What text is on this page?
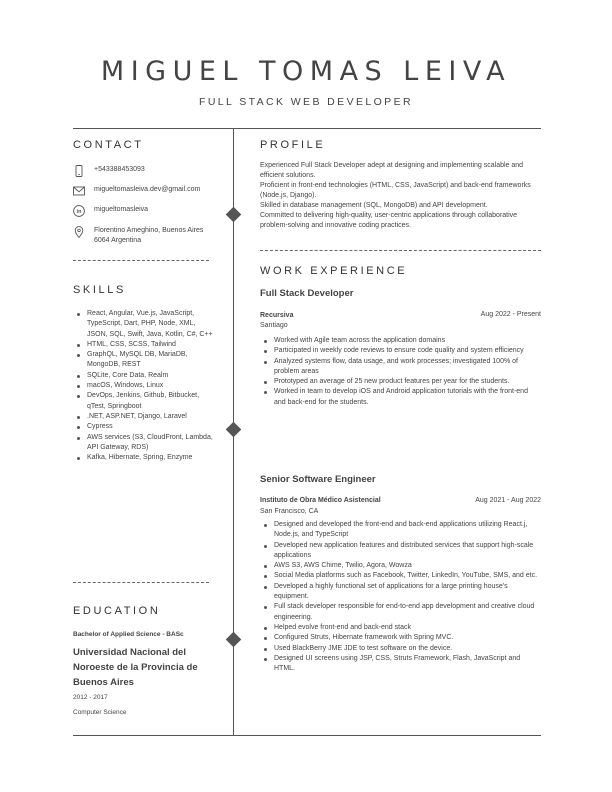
MIGUEL TOMAS LEIVA
FULL STACK WEB DEVELOPER
CONTACT
+543388453093
migueltomasleiva.dev@gmail.com
in migueltomasleiva
Florentino Ameghino, Buenos Aires
6064 Argentina
SKILLS
React, Angular, Vue.js, JavaScript, TypeScript, Dart, PHP, Node, XML, JSON, SQL, Swift, Java, Kotlin, C#, C++
HTML, CSS, SCSS, Tailwind
GraphQL, MySQL DB, MariaDB, MongoDB, REST
SQLite, Core Data, Realm
macOS, Windows, Linux
DevOps, Jenkins, Github, Bitbucket, qTest, Springboot
.NET, ASP.NET, Django, Laravel
Cypress
AWS services (S3, CloudFront, Lambda, API Gateway, RDS)
Kafka, Hibernate, Spring, Enzyme
EDUCATION
Bachelor of Applied Science - BASc
Universidad Nacional del Noroeste de la Provincia de Buenos Aires
2012 - 2017
Computer Science
PROFILE
Experienced Full Stack Developer adept at designing and implementing scalable and efficient solutions.
Proficient in front-end technologies (HTML, CSS, JavaScript) and back-end frameworks (Node.js, Django).
Skilled in database management (SQL, MongoDB) and API development.
Committed to delivering high-quality, user-centric applications through collaborative problem-solving and innovative coding practices.
WORK EXPERIENCE
Full Stack Developer
Recursiva	Aug 2022 - Present
Santiago
Worked with Agile team across the application domains
Participated in weekly code reviews to ensure code quality and system efficiency
Analyzed systems flow, data usage, and work processes; investigated 100% of problem areas
Prototyped an average of 25 new product features per year for the students.
Worked in team to develop iOS and Android application tutorials with the front-end and back-end for the students.
Senior Software Engineer
Instituto de Obra Médico Asistencial	Aug 2021 - Aug 2022
San Francisco, CA
Designed and developed the front-end and back-end applications utilizing React.j, Node.js, and TypeScript
Developed new application features and distributed services that support high-scale applications
AWS S3, AWS Chime, Twilio, Agora, Wowza
Social Media platforms such as Facebook, Twitter, LinkedIn, YouTube, SMS, and etc.
Developed a highly functional set of applications for a large printing house's equipment.
Full stack developer responsible for end-to-end app development and creative cloud engineering.
Helped evolve front-end and back-end stack
Configured Struts, Hibernate framework with Spring MVC.
Used BlackBerry JME JDE to test software on the device.
Designed UI screens using JSP, CSS, Struts Framework, Flash, JavaScript and HTML.
